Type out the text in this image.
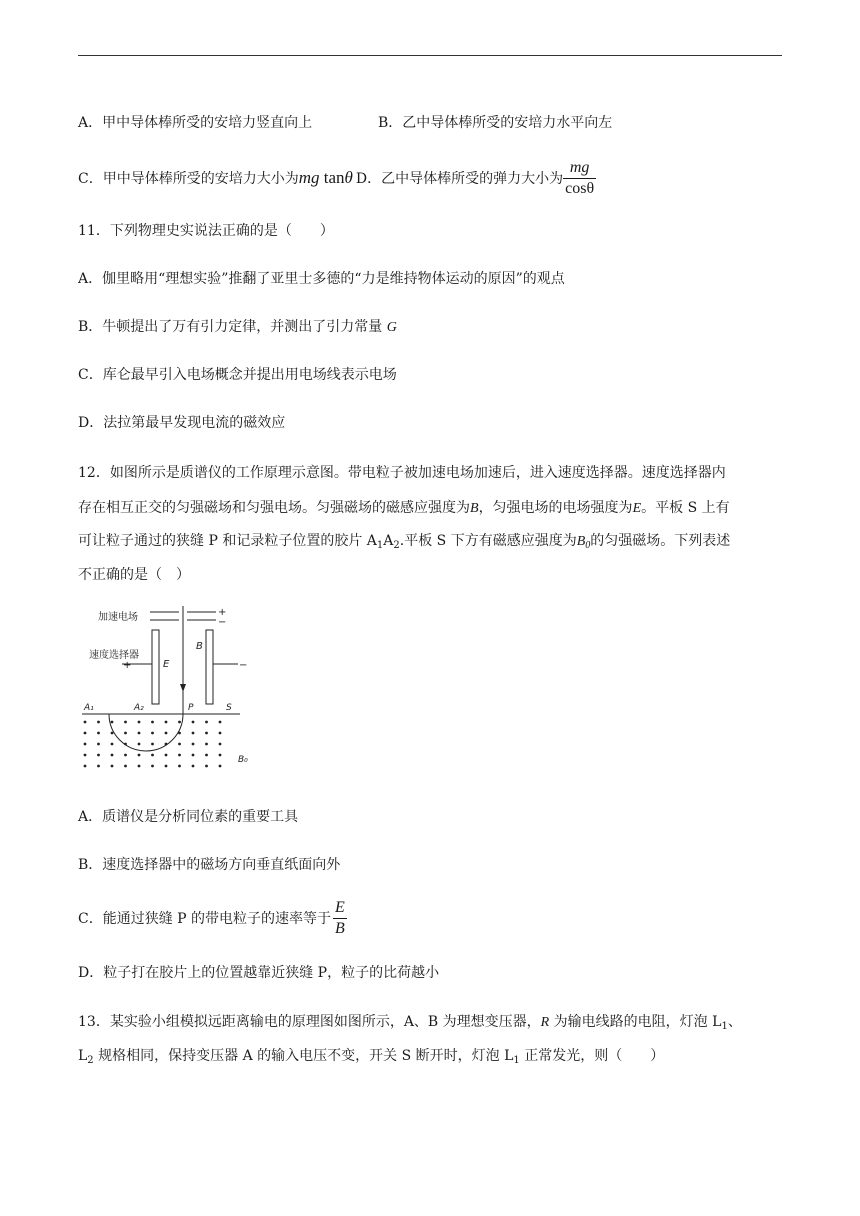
A．甲中导体棒所受的安培力竖直向上	B．乙中导体棒所受的安培力水平向左
C．甲中导体棒所受的安培力大小为 mg tanθ D．乙中导体棒所受的弹力大小为 $\frac{mg}{\cos\theta}$
11．下列物理史实说法正确的是（　　）
A．伽里略用“理想实验”推翻了亚里士多德的“力是维持物体运动的原因”的观点
B．牛顿提出了万有引力定律，并测出了引力常量 G
C．库仑最早引入电场概念并提出用电场线表示电场
D．法拉第最早发现电流的磁效应
12．如图所示是质谱仪的工作原理示意图。带电粒子被加速电场加速后，进入速度选择器。速度选择器内
存在相互正交的匀强磁场和匀强电场。匀强磁场的磁感应强度为B，匀强电场的电场强度为E。平板 S 上有
可让粒子通过的狭缝 P 和记录粒子位置的胶片 $A_1A_2$.平板 S 下方有磁感应强度为$B_0$的匀强磁场。下列表述
不正确的是（　）
加速电场	+
−
速度选择器
+	−
E
B
A₁	A₂	P	S
B₀
A．质谱仪是分析同位素的重要工具
B．速度选择器中的磁场方向垂直纸面向外
C．能通过狭缝 P 的带电粒子的速率等于 $\frac{E}{B}$
D．粒子打在胶片上的位置越靠近狭缝 P，粒子的比荷越小
13．某实验小组模拟远距离输电的原理图如图所示，A、B 为理想变压器，R 为输电线路的电阻，灯泡 $L_1$、
$L_2$ 规格相同，保持变压器 A 的输入电压不变，开关 S 断开时，灯泡 $L_1$ 正常发光，则（　　）
